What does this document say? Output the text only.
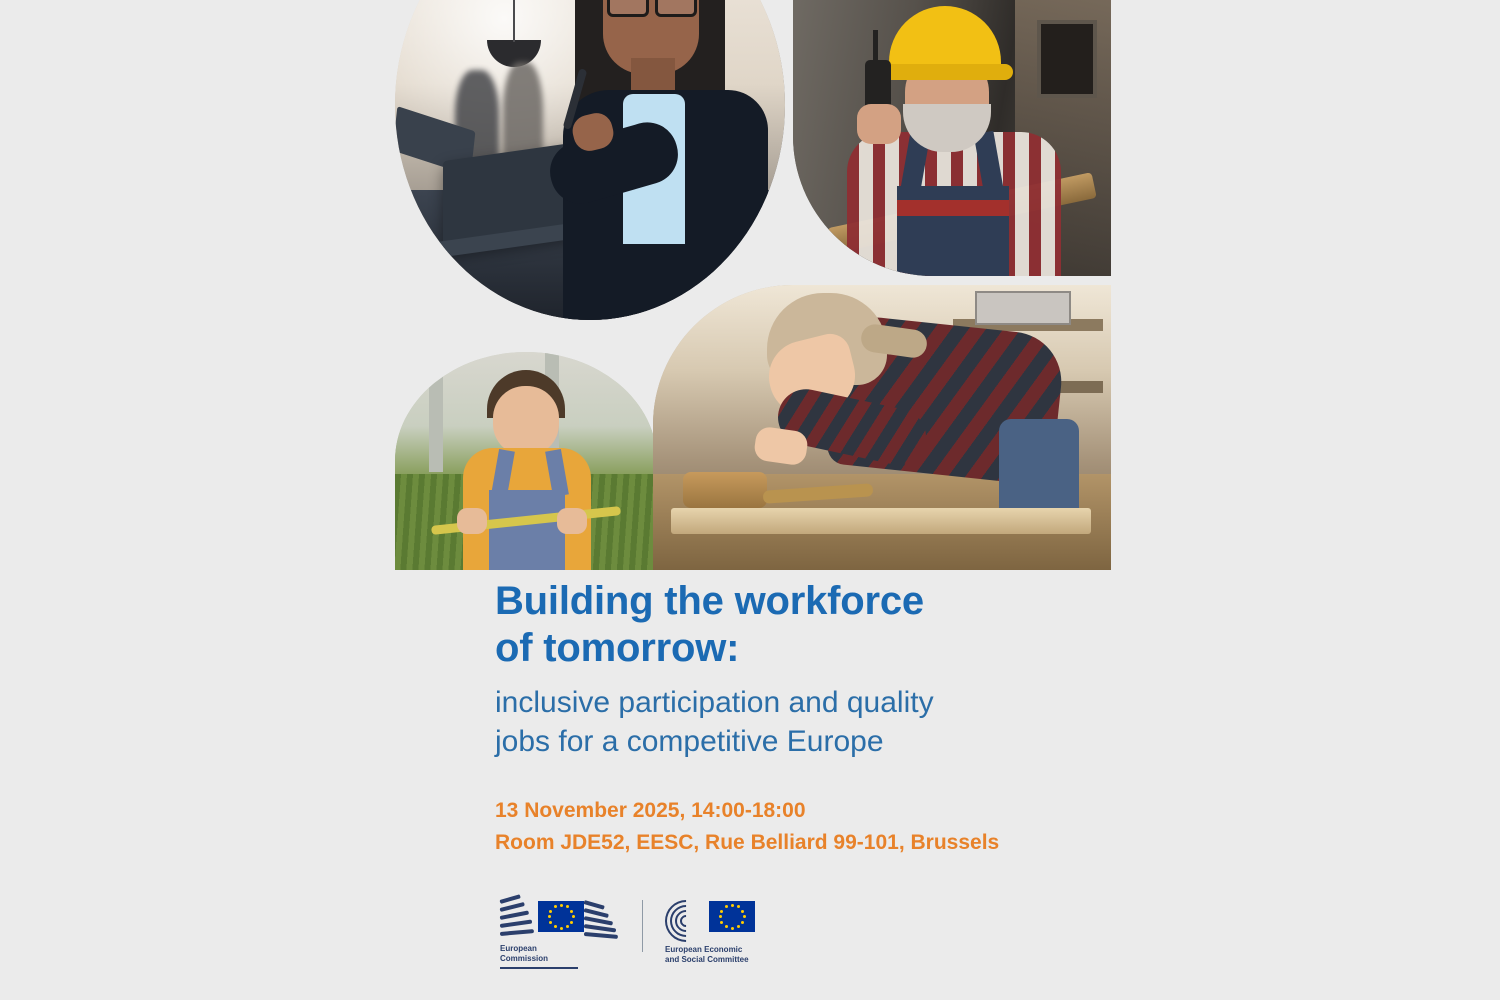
Building the workforce
of tomorrow:

inclusive participation and quality
jobs for a competitive Europe

13 November 2025, 14:00-18:00
Room JDE52, EESC, Rue Belliard 99-101, Brussels

European
Commission
European Economic
and Social Committee
